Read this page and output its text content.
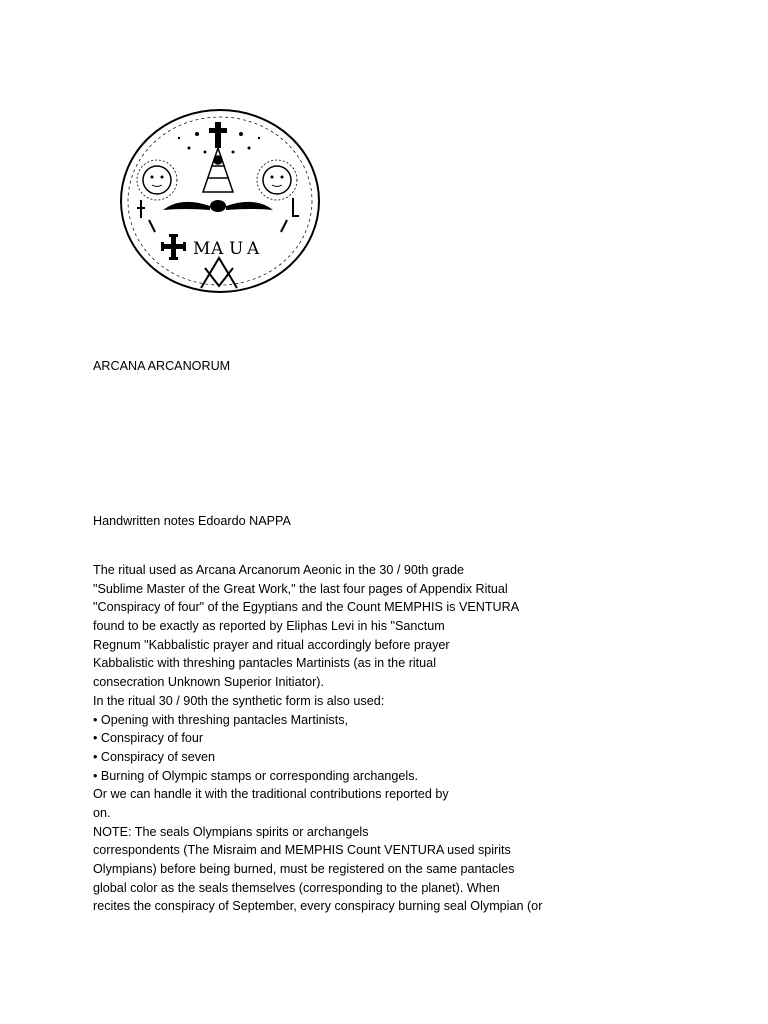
M A U A
ARCANA ARCANORUM
Handwritten notes Edoardo NAPPA
The ritual used as Arcana Arcanorum Aeonic in the 30 / 90th grade
"Sublime Master of the Great Work," the last four pages of Appendix Ritual
"Conspiracy of four" of the Egyptians and the Count MEMPHIS is VENTURA
found to be exactly as reported by Eliphas Levi in his "Sanctum
Regnum "Kabbalistic prayer and ritual accordingly before prayer
Kabbalistic with threshing pantacles Martinists (as in the ritual
consecration Unknown Superior Initiator).
In the ritual 30 / 90th the synthetic form is also used:
• Opening with threshing pantacles Martinists,
• Conspiracy of four
• Conspiracy of seven
• Burning of Olympic stamps or corresponding archangels.
Or we can handle it with the traditional contributions reported by
on.
NOTE: The seals Olympians spirits or archangels
correspondents (The Misraim and MEMPHIS Count VENTURA used spirits
Olympians) before being burned, must be registered on the same pantacles
global color as the seals themselves (corresponding to the planet). When
recites the conspiracy of September, every conspiracy burning seal Olympian (or
